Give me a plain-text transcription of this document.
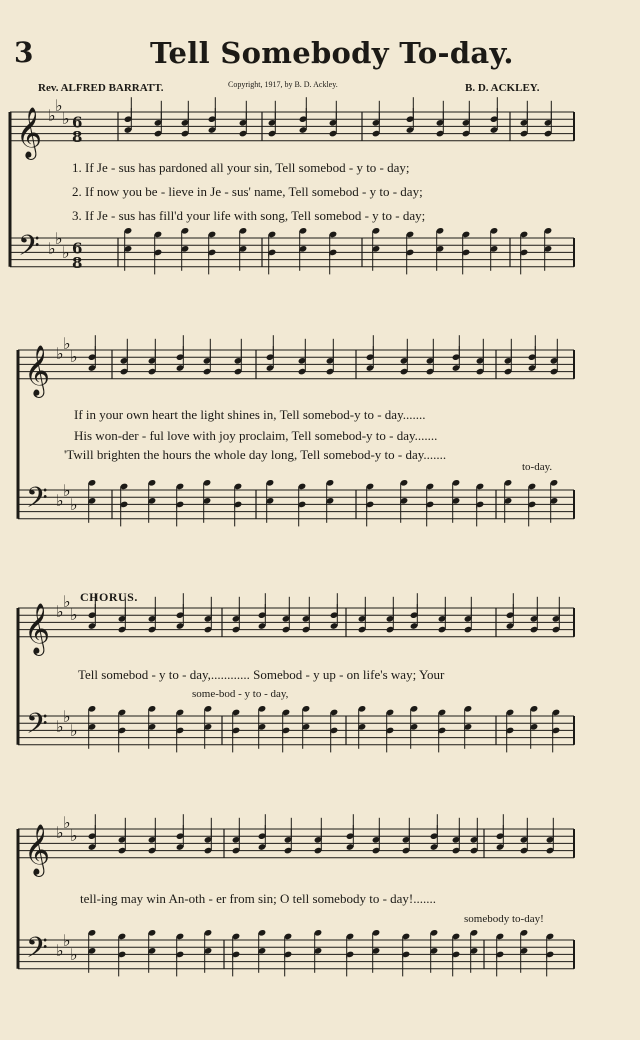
3	Tell Somebody To-day.
Rev. ALFRED BARRATT.	Copyright, 1917, by B. D. Ackley.	B. D. ACKLEY.
𝄞
𝄢
♭
♭
♭
♭
♭
♭
6
8
6
8
𝄞
𝄢
♭
♭
♭
♭
♭
♭
𝄞
𝄢
♭
♭
♭
♭
♭
♭
𝄞
𝄢
♭
♭
♭
♭
♭
♭
1. If Je - sus has pardoned all your sin, Tell somebod - y to - day;
2. If now you be - lieve in Je - sus' name, Tell somebod - y to - day;
3. If Je - sus has fill'd your life with song, Tell somebod - y to - day;
If in your own heart the light shines in, Tell somebod-y to - day.......
His won-der - ful love with joy proclaim, Tell somebod-y to - day.......
'Twill brighten the hours the whole day long, Tell somebod-y to - day.......
to-day.
CHORUS.
Tell somebod - y to - day,............ Somebod - y up - on life's way; Your
some-bod - y to - day,
tell-ing may win An-oth - er from sin; O tell somebody to - day!.......
somebody to-day!
